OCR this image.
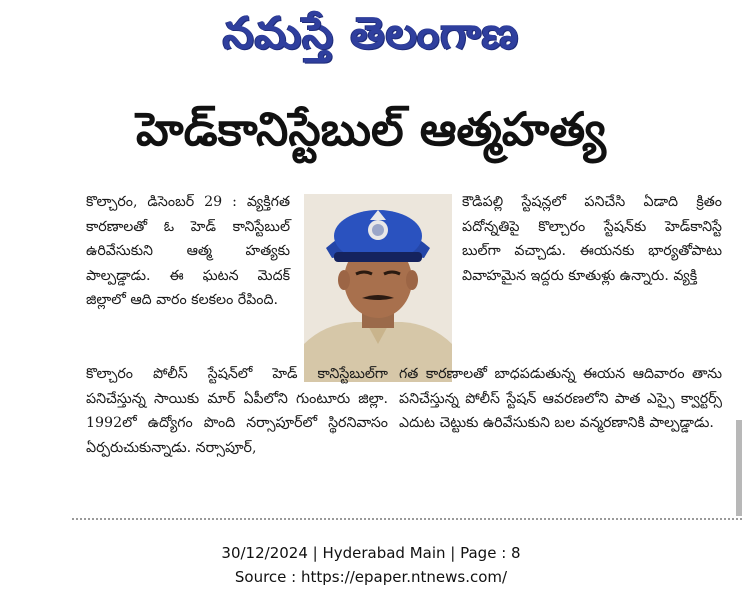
నమస్తే తెలంగాణ
హెడ్‌కానిస్టేబుల్ ఆత్మహత్య

కొల్చారం, డిసెంబర్ 29 : వ్యక్తిగత కారణాలతో ఓ హెడ్ కానిస్టేబుల్ ఉరివేసుకుని ఆత్మ హత్యకు పాల్పడ్డాడు. ఈ ఘటన మెదక్ జిల్లాలో ఆది వారం కలకలం రేపింది.

కౌడిపల్లి స్టేషన్లలో పనిచేసి ఏడాది క్రితం పదోన్నతిపై కొల్చారం స్టేషన్‌కు హెడ్‌కానిస్టే బుల్‌గా వచ్చాడు. ఈయనకు భార్యతోపాటు వివాహమైన ఇద్దరు కూతుళ్లు ఉన్నారు. వ్యక్తి

కొల్చారం పోలీస్ స్టేషన్‌లో హెడ్ కానిస్టేబుల్‌గా పనిచేస్తున్న సాయికు మార్ ఏపీలోని గుంటూరు జిల్లా. 1992లో ఉద్యోగం పొంది నర్సాపూర్‌లో స్థిరనివాసం ఏర్పరుచుకున్నాడు. నర్సాపూర్,

గత కారణాలతో బాధపడుతున్న ఈయన ఆదివారం తాను పనిచేస్తున్న పోలీస్ స్టేషన్ ఆవరణలోని పాత ఎస్సై క్వార్టర్స్ ఎదుట చెట్టుకు ఉరివేసుకుని బల వన్మరణానికి పాల్పడ్డాడు.

30/12/2024 | Hyderabad Main | Page : 8
Source : https://epaper.ntnews.com/
